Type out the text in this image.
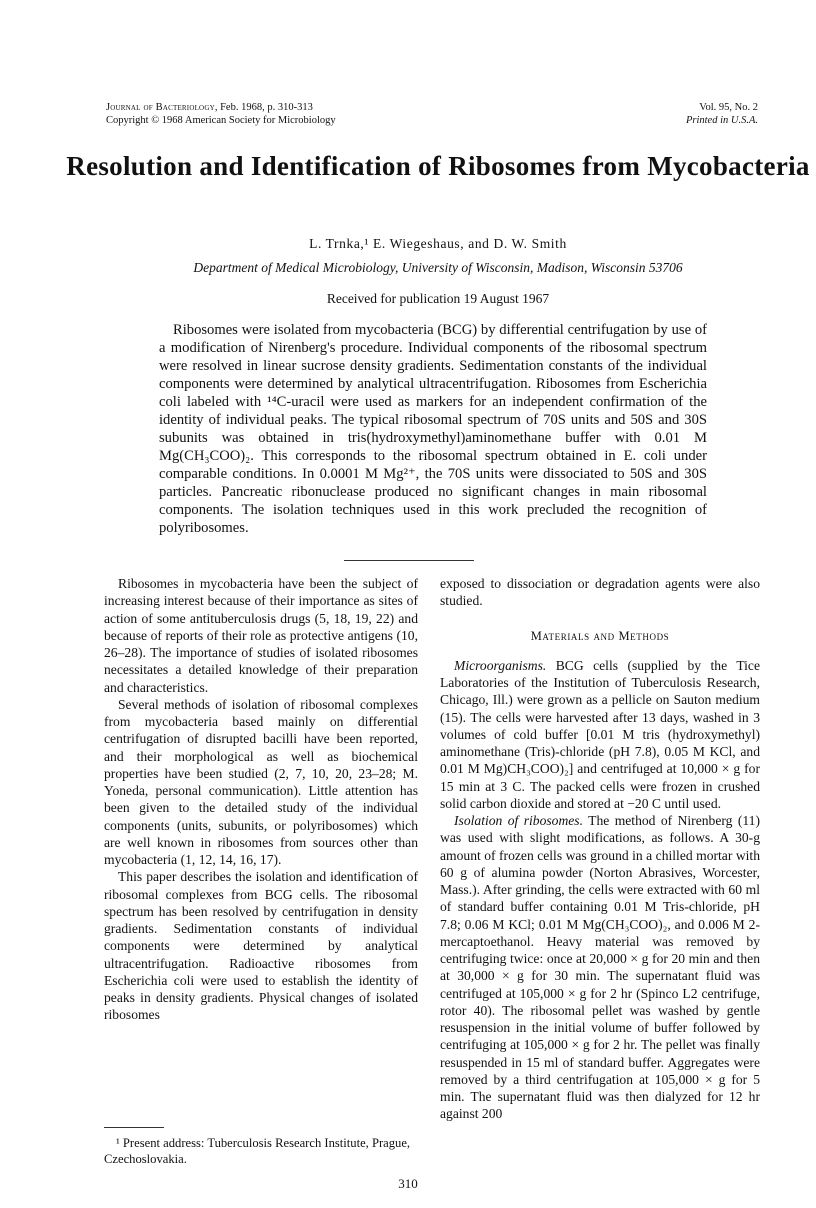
Journal of Bacteriology, Feb. 1968, p. 310-313
Copyright © 1968 American Society for Microbiology
Vol. 95, No. 2
Printed in U.S.A.
Resolution and Identification of Ribosomes from Mycobacteria
L. Trnka,¹ E. Wiegeshaus, and D. W. Smith
Department of Medical Microbiology, University of Wisconsin, Madison, Wisconsin 53706
Received for publication 19 August 1967

Ribosomes were isolated from mycobacteria (BCG) by differential centrifugation by use of a modification of Nirenberg's procedure. Individual components of the ribosomal spectrum were resolved in linear sucrose density gradients. Sedimentation constants of the individual components were determined by analytical ultracentrifugation. Ribosomes from Escherichia coli labeled with ¹⁴C-uracil were used as markers for an independent confirmation of the identity of individual peaks. The typical ribosomal spectrum of 70S units and 50S and 30S subunits was obtained in tris(hydroxymethyl)aminomethane buffer with 0.01 M Mg(CH₃COO)₂. This corresponds to the ribosomal spectrum obtained in E. coli under comparable conditions. In 0.0001 M Mg²⁺, the 70S units were dissociated to 50S and 30S particles. Pancreatic ribonuclease produced no significant changes in main ribosomal components. The isolation techniques used in this work precluded the recognition of polyribosomes.

Ribosomes in mycobacteria have been the subject of increasing interest because of their importance as sites of action of some antituberculosis drugs (5, 18, 19, 22) and because of reports of their role as protective antigens (10, 26–28). The importance of studies of isolated ribosomes necessitates a detailed knowledge of their preparation and characteristics.

Several methods of isolation of ribosomal complexes from mycobacteria based mainly on differential centrifugation of disrupted bacilli have been reported, and their morphological as well as biochemical properties have been studied (2, 7, 10, 20, 23–28; M. Yoneda, personal communication). Little attention has been given to the detailed study of the individual components (units, subunits, or polyribosomes) which are well known in ribosomes from sources other than mycobacteria (1, 12, 14, 16, 17).

This paper describes the isolation and identification of ribosomal complexes from BCG cells. The ribosomal spectrum has been resolved by centrifugation in density gradients. Sedimentation constants of individual components were determined by analytical ultracentrifugation. Radioactive ribosomes from Escherichia coli were used to establish the identity of peaks in density gradients. Physical changes of isolated ribosomes

exposed to dissociation or degradation agents were also studied.

Materials and Methods

Microorganisms. BCG cells (supplied by the Tice Laboratories of the Institution of Tuberculosis Research, Chicago, Ill.) were grown as a pellicle on Sauton medium (15). The cells were harvested after 13 days, washed in 3 volumes of cold buffer [0.01 M tris (hydroxymethyl) aminomethane (Tris)-chloride (pH 7.8), 0.05 M KCl, and 0.01 M Mg)CH₃COO)₂] and centrifuged at 10,000 × g for 15 min at 3 C. The packed cells were frozen in crushed solid carbon dioxide and stored at −20 C until used.

Isolation of ribosomes. The method of Nirenberg (11) was used with slight modifications, as follows. A 30-g amount of frozen cells was ground in a chilled mortar with 60 g of alumina powder (Norton Abrasives, Worcester, Mass.). After grinding, the cells were extracted with 60 ml of standard buffer containing 0.01 M Tris-chloride, pH 7.8; 0.06 M KCl; 0.01 M Mg(CH₃COO)₂, and 0.006 M 2-mercaptoethanol. Heavy material was removed by centrifuging twice: once at 20,000 × g for 20 min and then at 30,000 × g for 30 min. The supernatant fluid was centrifuged at 105,000 × g for 2 hr (Spinco L2 centrifuge, rotor 40). The ribosomal pellet was washed by gentle resuspension in the initial volume of buffer followed by centrifuging at 105,000 × g for 2 hr. The pellet was finally resuspended in 15 ml of standard buffer. Aggregates were removed by a third centrifugation at 105,000 × g for 5 min. The supernatant fluid was then dialyzed for 12 hr against 200

¹ Present address: Tuberculosis Research Institute, Prague, Czechoslovakia.
310
